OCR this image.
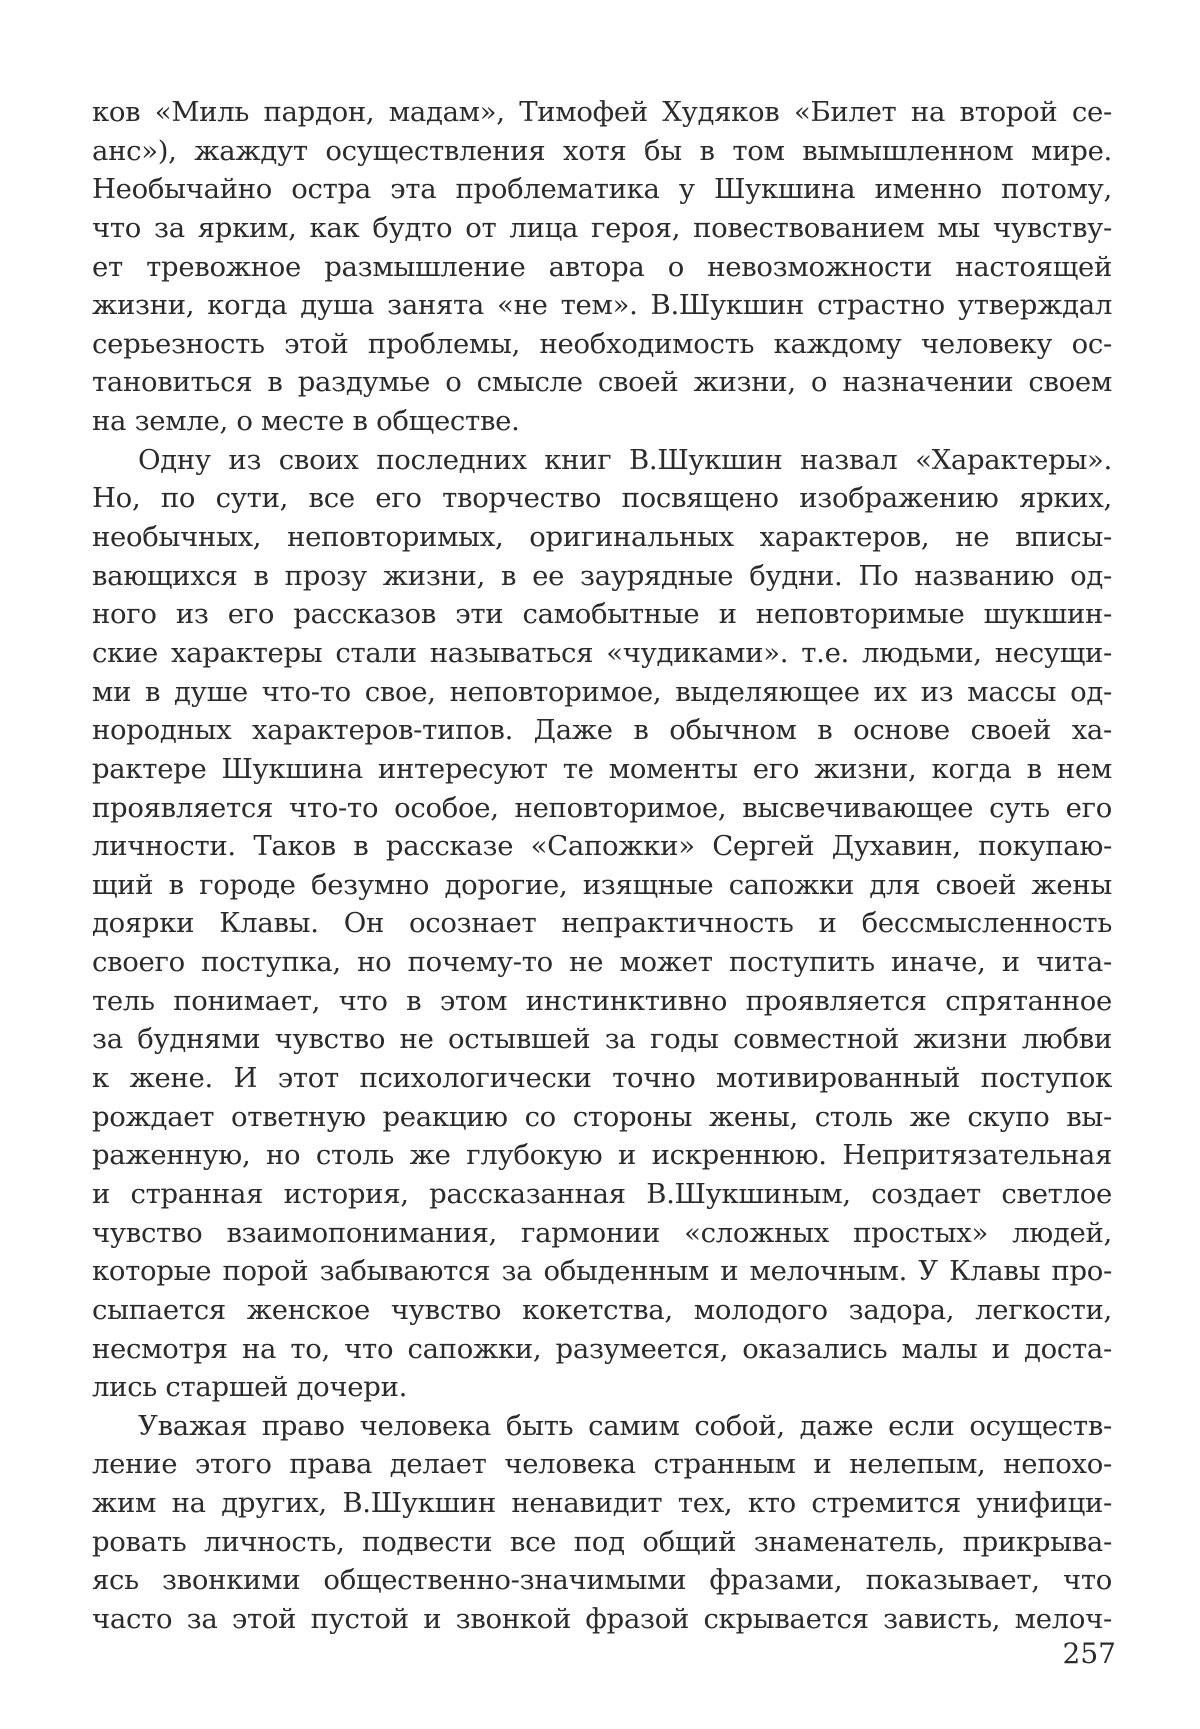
ков «Миль пардон, мадам», Тимофей Худяков «Билет на второй се-
анс»), жаждут осуществления хотя бы в том вымышленном мире.
Необычайно остра эта проблематика у Шукшина именно потому,
что за ярким, как будто от лица героя, повествованием мы чувству-
ет тревожное размышление автора о невозможности настоящей
жизни, когда душа занята «не тем». В.Шукшин страстно утверждал
серьезность этой проблемы, необходимость каждому человеку ос-
тановиться в раздумье о смысле своей жизни, о назначении своем
на земле, о месте в обществе.
Одну из своих последних книг В.Шукшин назвал «Характеры».
Но, по сути, все его творчество посвящено изображению ярких,
необычных, неповторимых, оригинальных характеров, не вписы-
вающихся в прозу жизни, в ее заурядные будни. По названию од-
ного из его рассказов эти самобытные и неповторимые шукшин-
ские характеры стали называться «чудиками». т.е. людьми, несущи-
ми в душе что-то свое, неповторимое, выделяющее их из массы од-
нородных характеров-типов. Даже в обычном в основе своей ха-
рактере Шукшина интересуют те моменты его жизни, когда в нем
проявляется что-то особое, неповторимое, высвечивающее суть его
личности. Таков в рассказе «Сапожки» Сергей Духавин, покупаю-
щий в городе безумно дорогие, изящные сапожки для своей жены
доярки Клавы. Он осознает непрактичность и бессмысленность
своего поступка, но почему-то не может поступить иначе, и чита-
тель понимает, что в этом инстинктивно проявляется спрятанное
за буднями чувство не остывшей за годы совместной жизни любви
к жене. И этот психологически точно мотивированный поступок
рождает ответную реакцию со стороны жены, столь же скупо вы-
раженную, но столь же глубокую и искреннюю. Непритязательная
и странная история, рассказанная В.Шукшиным, создает светлое
чувство взаимопонимания, гармонии «сложных простых» людей,
которые порой забываются за обыденным и мелочным. У Клавы про-
сыпается женское чувство кокетства, молодого задора, легкости,
несмотря на то, что сапожки, разумеется, оказались малы и доста-
лись старшей дочери.
Уважая право человека быть самим собой, даже если осуществ-
ление этого права делает человека странным и нелепым, непохо-
жим на других, В.Шукшин ненавидит тех, кто стремится унифици-
ровать личность, подвести все под общий знаменатель, прикрыва-
ясь звонкими общественно-значимыми фразами, показывает, что
часто за этой пустой и звонкой фразой скрывается зависть, мелоч-
257
